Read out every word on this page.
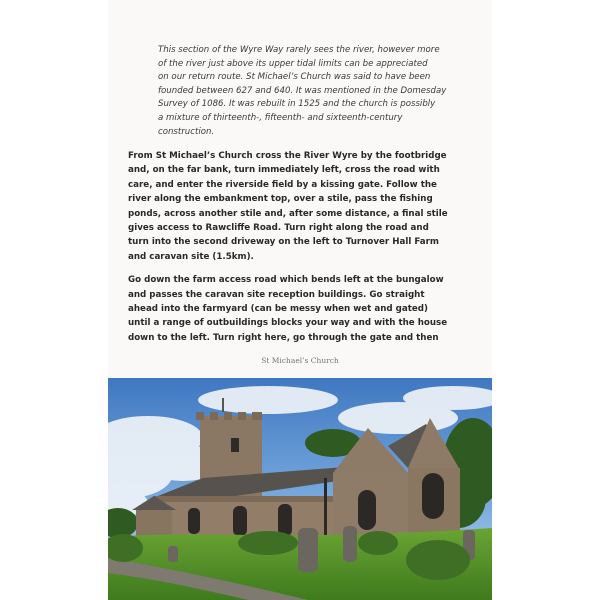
This section of the Wyre Way rarely sees the river, however more

of the river just above its upper tidal limits can be appreciated

on our return route. St Michael’s Church was said to have been

founded between 627 and 640. It was mentioned in the Domesday

Survey of 1086. It was rebuilt in 1525 and the church is possibly

a mixture of thirteenth-, fifteenth- and sixteenth-century

construction.

From St Michael’s Church cross the River Wyre by the footbridge
and, on the far bank, turn immediately left, cross the road with
care, and enter the riverside field by a kissing gate. Follow the
river along the embankment top, over a stile, pass the fishing
ponds, across another stile and, after some distance, a final stile
gives access to Rawcliffe Road. Turn right along the road and
turn into the second driveway on the left to Turnover Hall Farm
and caravan site (1.5km).

Go down the farm access road which bends left at the bungalow
and passes the caravan site reception buildings. Go straight
ahead into the farmyard (can be messy when wet and gated)
until a range of outbuildings blocks your way and with the house
down to the left. Turn right here, go through the gate and then

St Michael’s Church
